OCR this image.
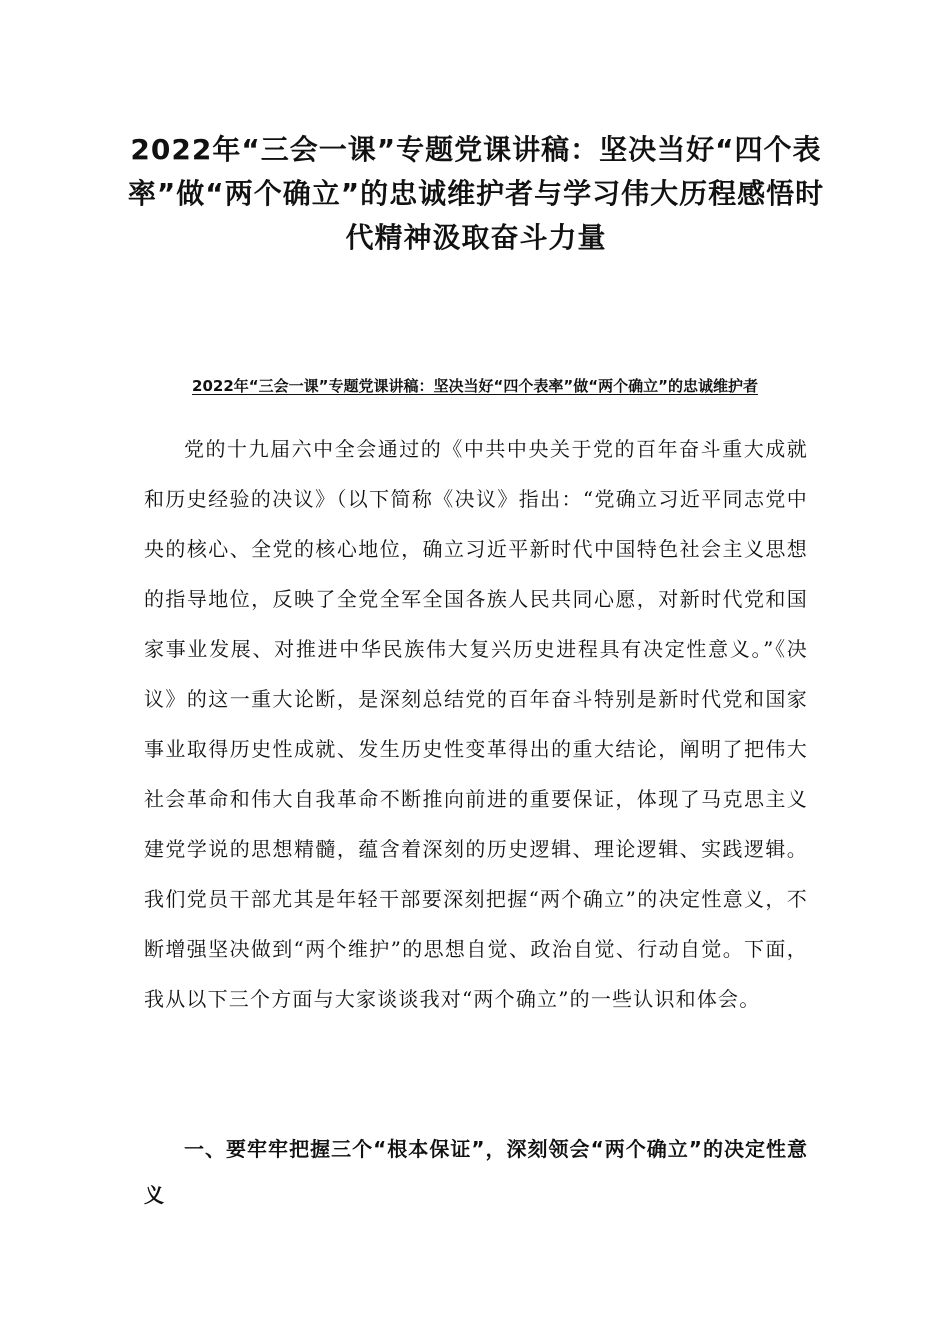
2022年“三会一课”专题党课讲稿：坚决当好“四个表率”做“两个确立”的忠诚维护者与学习伟大历程感悟时代精神汲取奋斗力量
2022年“三会一课”专题党课讲稿：坚决当好“四个表率”做“两个确立”的忠诚维护者

党的十九届六中全会通过的《中共中央关于党的百年奋斗重大成就和历史经验的决议》（以下简称《决议》指出：“党确立习近平同志党中央的核心、全党的核心地位，确立习近平新时代中国特色社会主义思想的指导地位，反映了全党全军全国各族人民共同心愿，对新时代党和国家事业发展、对推进中华民族伟大复兴历史进程具有决定性意义。”《决议》的这一重大论断，是深刻总结党的百年奋斗特别是新时代党和国家事业取得历史性成就、发生历史性变革得出的重大结论，阐明了把伟大社会革命和伟大自我革命不断推向前进的重要保证，体现了马克思主义建党学说的思想精髓，蕴含着深刻的历史逻辑、理论逻辑、实践逻辑。我们党员干部尤其是年轻干部要深刻把握“两个确立”的决定性意义，不断增强坚决做到“两个维护”的思想自觉、政治自觉、行动自觉。下面，我从以下三个方面与大家谈谈我对“两个确立”的一些认识和体会。

一、要牢牢把握三个“根本保证”，深刻领会“两个确立”的决定性意义
